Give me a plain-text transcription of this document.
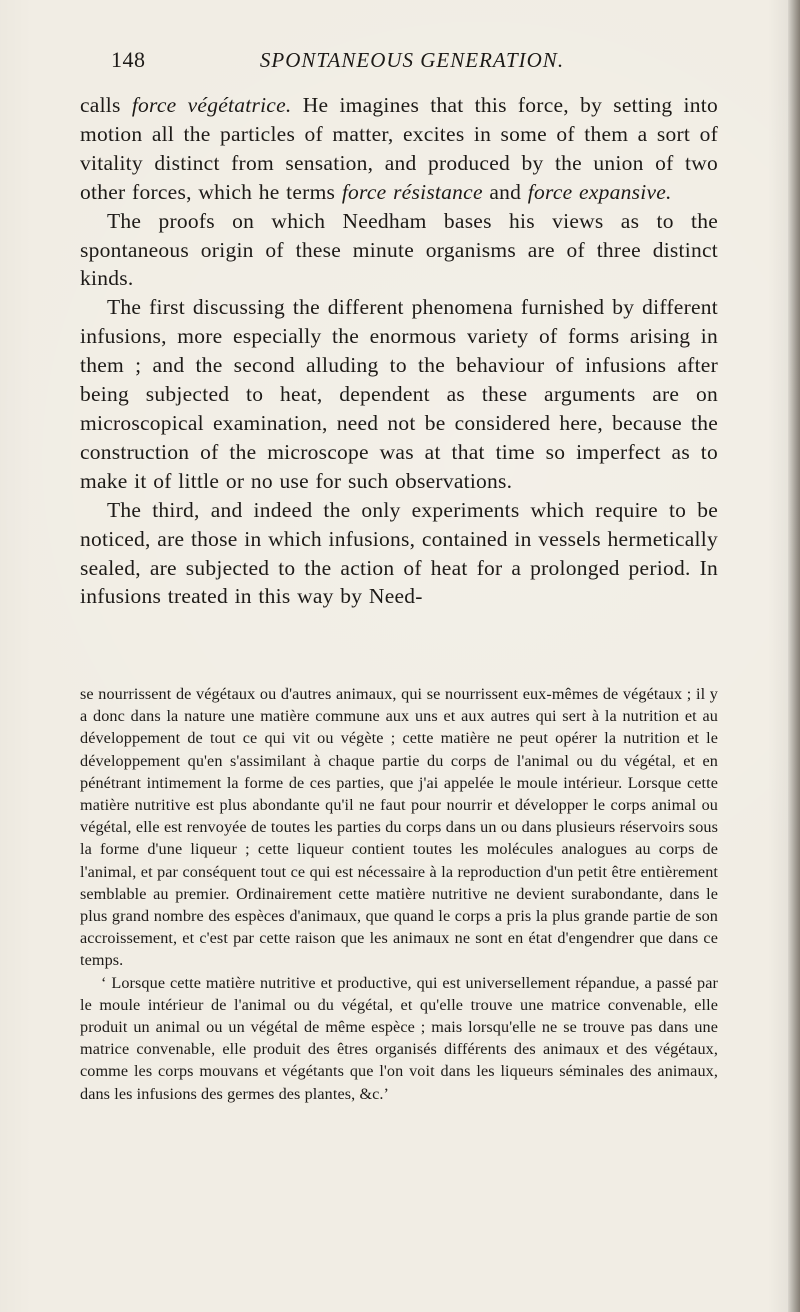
148	SPONTANEOUS GENERATION.

calls force végétatrice. He imagines that this force, by setting into motion all the particles of matter, excites in some of them a sort of vitality distinct from sensation, and produced by the union of two other forces, which he terms force résistance and force expansive.

The proofs on which Needham bases his views as to the spontaneous origin of these minute organisms are of three distinct kinds.

The first discussing the different phenomena furnished by different infusions, more especially the enormous variety of forms arising in them ; and the second alluding to the behaviour of infusions after being subjected to heat, dependent as these arguments are on microscopical examination, need not be considered here, because the construction of the microscope was at that time so imperfect as to make it of little or no use for such observations.

The third, and indeed the only experiments which require to be noticed, are those in which infusions, contained in vessels hermetically sealed, are subjected to the action of heat for a prolonged period. In infusions treated in this way by Need-

se nourrissent de végétaux ou d'autres animaux, qui se nourrissent eux-mêmes de végétaux ; il y a donc dans la nature une matière commune aux uns et aux autres qui sert à la nutrition et au développement de tout ce qui vit ou végète ; cette matière ne peut opérer la nutrition et le développement qu'en s'assimilant à chaque partie du corps de l'animal ou du végétal, et en pénétrant intimement la forme de ces parties, que j'ai appelée le moule intérieur. Lorsque cette matière nutritive est plus abondante qu'il ne faut pour nourrir et développer le corps animal ou végétal, elle est renvoyée de toutes les parties du corps dans un ou dans plusieurs réservoirs sous la forme d'une liqueur ; cette liqueur contient toutes les molécules analogues au corps de l'animal, et par conséquent tout ce qui est nécessaire à la reproduction d'un petit être entièrement semblable au premier. Ordinairement cette matière nutritive ne devient surabondante, dans le plus grand nombre des espèces d'animaux, que quand le corps a pris la plus grande partie de son accroissement, et c'est par cette raison que les animaux ne sont en état d'engendrer que dans ce temps.

‘ Lorsque cette matière nutritive et productive, qui est universellement répandue, a passé par le moule intérieur de l'animal ou du végétal, et qu'elle trouve une matrice convenable, elle produit un animal ou un végétal de même espèce ; mais lorsqu'elle ne se trouve pas dans une matrice convenable, elle produit des êtres organisés différents des animaux et des végétaux, comme les corps mouvans et végétants que l'on voit dans les liqueurs séminales des animaux, dans les infusions des germes des plantes, &c.’
